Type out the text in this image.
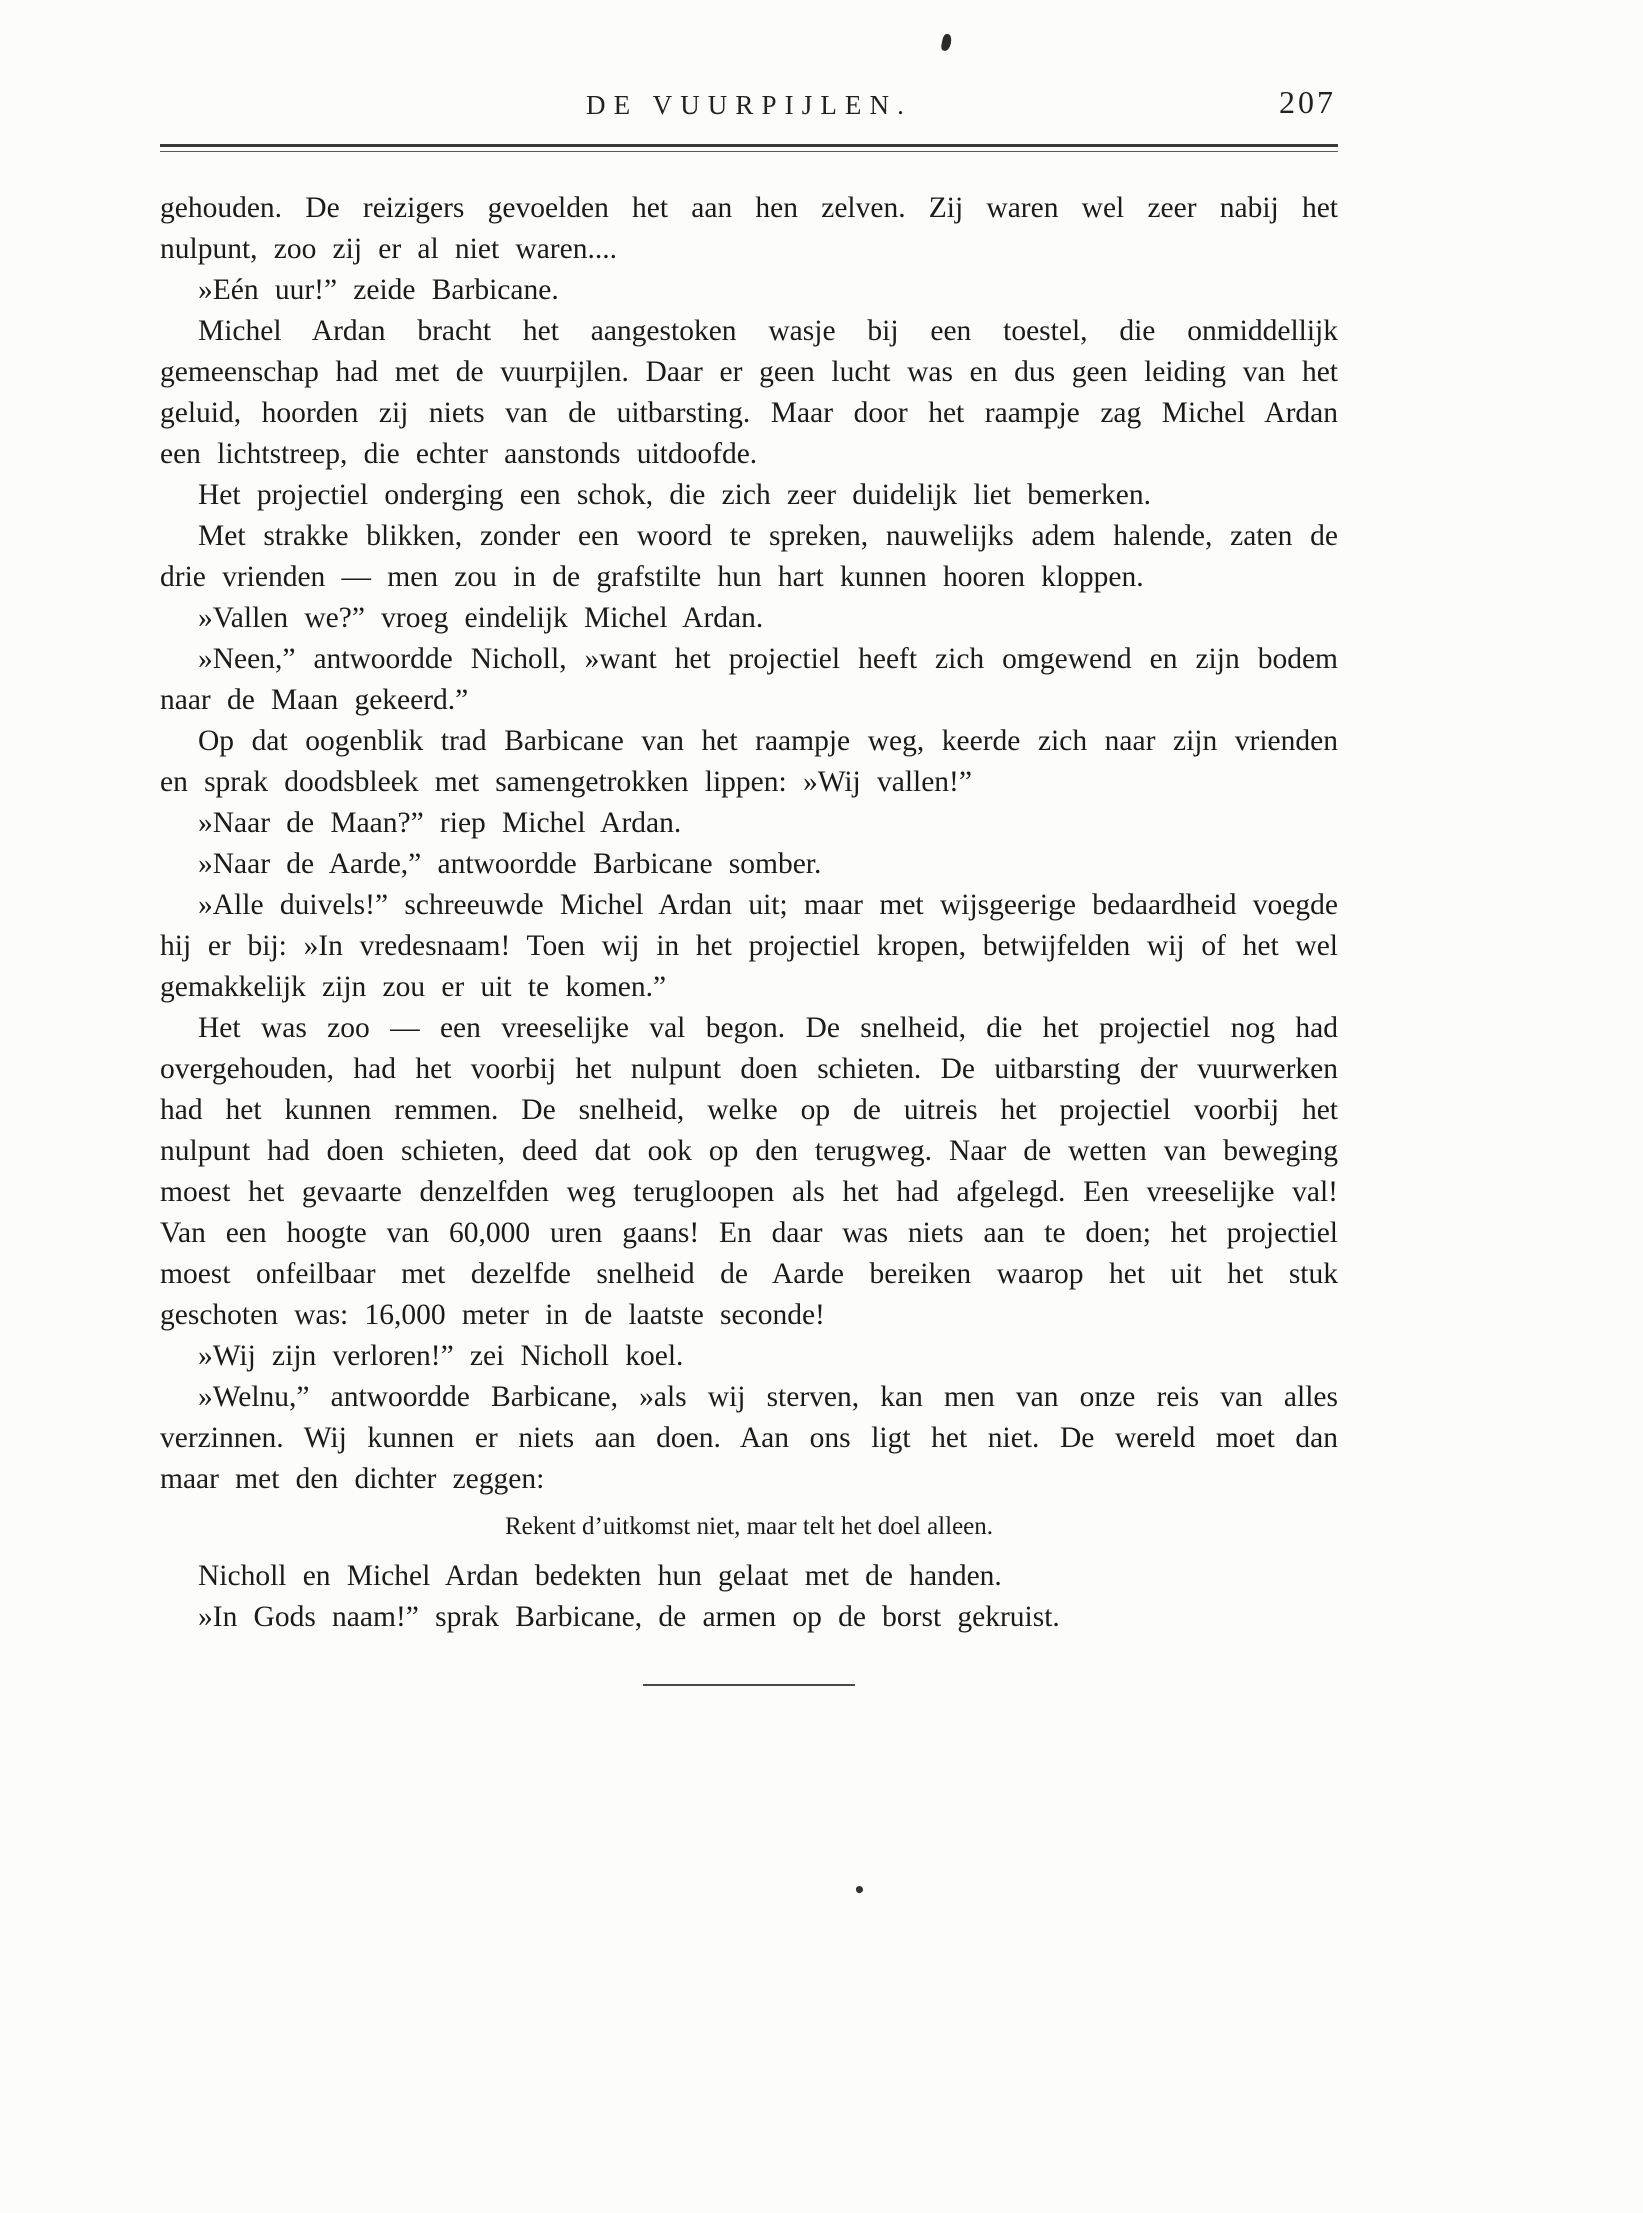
DE VUURPIJLEN.	207

gehouden. De reizigers gevoelden het aan hen zelven. Zij waren wel zeer nabij het nulpunt, zoo zij er al niet waren....

»Eén uur!” zeide Barbicane.

Michel Ardan bracht het aangestoken wasje bij een toestel, die onmiddellijk gemeenschap had met de vuurpijlen. Daar er geen lucht was en dus geen leiding van het geluid, hoorden zij niets van de uitbarsting. Maar door het raampje zag Michel Ardan een lichtstreep, die echter aanstonds uitdoofde.

Het projectiel onderging een schok, die zich zeer duidelijk liet bemerken.

Met strakke blikken, zonder een woord te spreken, nauwelijks adem halende, zaten de drie vrienden — men zou in de grafstilte hun hart kunnen hooren kloppen.

»Vallen we?” vroeg eindelijk Michel Ardan.

»Neen,” antwoordde Nicholl, »want het projectiel heeft zich omgewend en zijn bodem naar de Maan gekeerd.”

Op dat oogenblik trad Barbicane van het raampje weg, keerde zich naar zijn vrienden en sprak doodsbleek met samengetrokken lippen: »Wij vallen!”

»Naar de Maan?” riep Michel Ardan.

»Naar de Aarde,” antwoordde Barbicane somber.

»Alle duivels!” schreeuwde Michel Ardan uit; maar met wijsgeerige bedaardheid voegde hij er bij: »In vredesnaam! Toen wij in het projectiel kropen, betwijfelden wij of het wel gemakkelijk zijn zou er uit te komen.”

Het was zoo — een vreeselijke val begon. De snelheid, die het projectiel nog had overgehouden, had het voorbij het nulpunt doen schieten. De uitbarsting der vuurwerken had het kunnen remmen. De snelheid, welke op de uitreis het projectiel voorbij het nulpunt had doen schieten, deed dat ook op den terugweg. Naar de wetten van beweging moest het gevaarte denzelfden weg terugloopen als het had afgelegd. Een vreeselijke val! Van een hoogte van 60,000 uren gaans! En daar was niets aan te doen; het projectiel moest onfeilbaar met dezelfde snelheid de Aarde bereiken waarop het uit het stuk geschoten was: 16,000 meter in de laatste seconde!

»Wij zijn verloren!” zei Nicholl koel.

»Welnu,” antwoordde Barbicane, »als wij sterven, kan men van onze reis van alles verzinnen. Wij kunnen er niets aan doen. Aan ons ligt het niet. De wereld moet dan maar met den dichter zeggen:

Rekent d’uitkomst niet, maar telt het doel alleen.

Nicholl en Michel Ardan bedekten hun gelaat met de handen.

»In Gods naam!” sprak Barbicane, de armen op de borst gekruist.
